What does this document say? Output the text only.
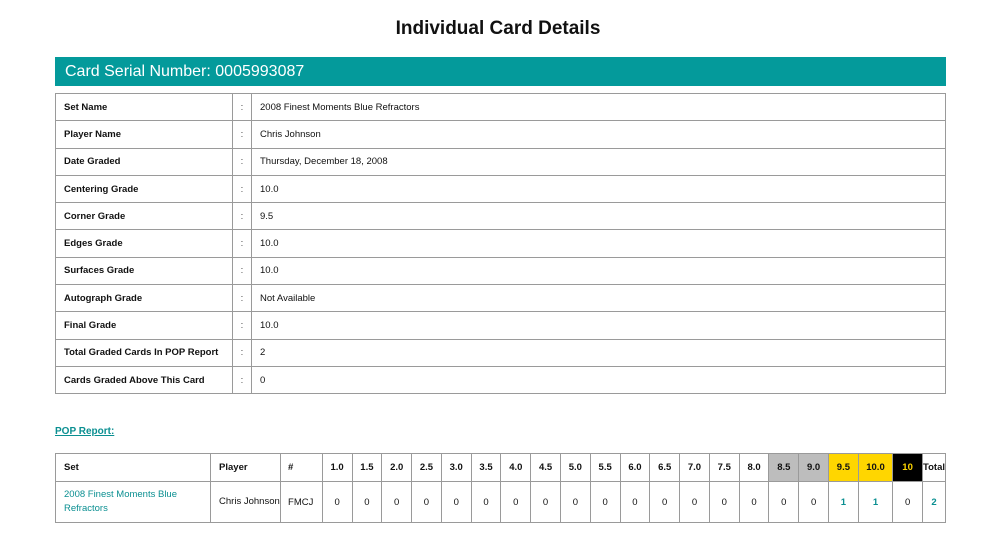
Individual Card Details
Card Serial Number: 0005993087
Set Name	:	2008 Finest Moments Blue Refractors
Player Name	:	Chris Johnson
Date Graded	:	Thursday, December 18, 2008
Centering Grade	:	10.0
Corner Grade	:	9.5
Edges Grade	:	10.0
Surfaces Grade	:	10.0
Autograph Grade	:	Not Available
Final Grade	:	10.0
Total Graded Cards In POP Report	:	2
Cards Graded Above This Card	:	0
POP Report:
Set	Player	#	1.0	1.5	2.0	2.5	3.0	3.5	4.0	4.5	5.0	5.5	6.0	6.5	7.0	7.5	8.0	8.5	9.0	9.5	10.0	10	Total
2008 Finest Moments Blue Refractors	Chris Johnson	FMCJ	0	0	0	0	0	0	0	0	0	0	0	0	0	0	0	0	0	1	1	0	2
